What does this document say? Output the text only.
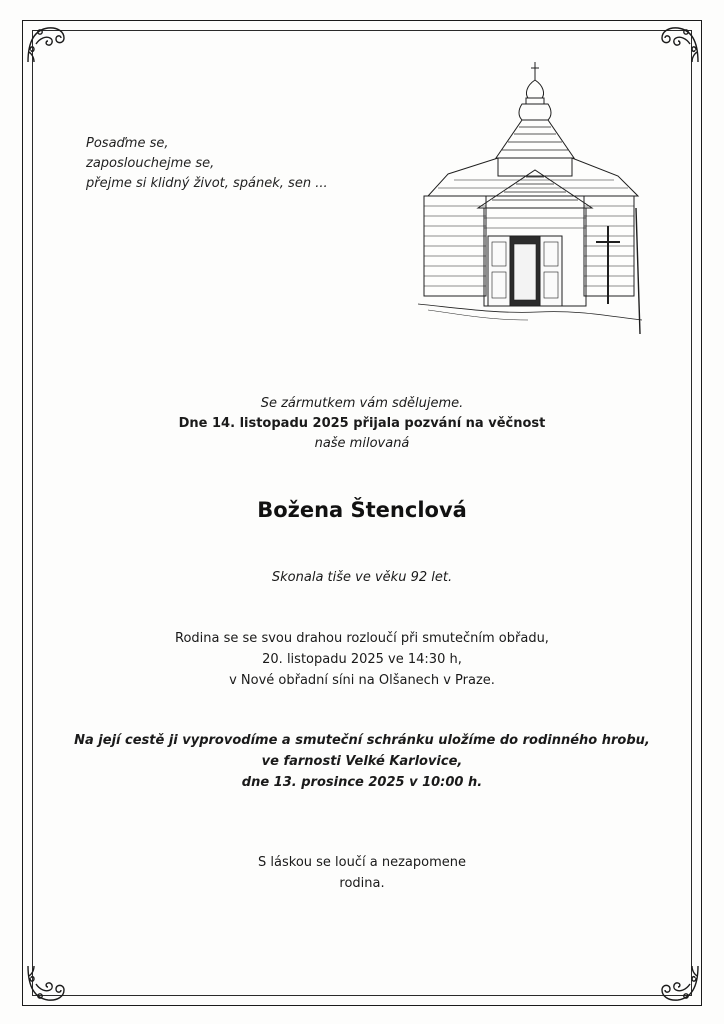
Posaďme se,
zaposlouchejme se,
přejme si klidný život, spánek, sen ...
Se zármutkem vám sdělujeme.
Dne 14. listopadu 2025 přijala pozvání na věčnost
naše milovaná
Božena Štenclová
Skonala tiše ve věku 92 let.
Rodina se se svou drahou rozloučí při smutečním obřadu,
20. listopadu 2025 ve 14:30 h,
v Nové obřadní síni na Olšanech v Praze.
Na její cestě ji vyprovodíme a smuteční schránku uložíme do rodinného hrobu,
ve farnosti Velké Karlovice,
dne 13. prosince 2025 v 10:00 h.
S láskou se loučí a nezapomene
rodina.
